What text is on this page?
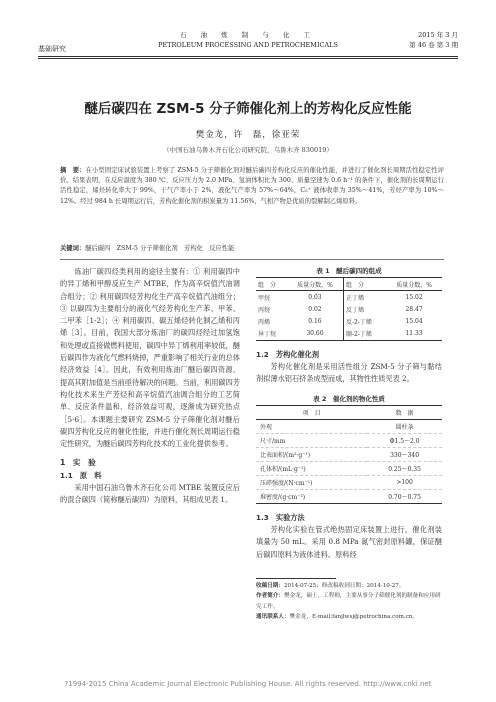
基础研究
石 油 炼 制 与 化 工
PETROLEUM PROCESSING AND PETROCHEMICALS
2015 年 3 月
第 46 卷 第 3 期
醚后碳四在 ZSM-5 分子筛催化剂上的芳构化反应性能
樊金龙，许　磊，徐亚荣
（中国石油乌鲁木齐石化公司研究院，乌鲁木齐 830019）
摘　要：在小型固定床试验装置上考察了 ZSM-5 分子筛催化剂对醚后碳四芳构化反应的催化性能，并进行了催化剂长周期活性稳定性评价。结果表明，在反应温度为 380 ℃、反应压力为 2.0 MPa、氢油体积比为 300、质量空速为 0.6 h⁻¹ 的条件下，催化剂的长周期运行活性稳定，烯烃转化率大于 99%，干气产率小于 2%，液化气产率为 57%～64%，C₅⁺ 液体收率为 35%～41%，芳烃产率为 10%～12%。经过 984 h 长周期运行后，芳构化催化剂的积炭量为 11.56%，气相产物是优质的裂解制乙烯原料。
关键词：醚后碳四　ZSM-5 分子筛催化剂　芳构化　反应性能

炼油厂碳四烃类利用的途径主要有：① 利用碳四中的异丁烯和甲醇反应生产 MTBE，作为高辛烷值汽油调合组分；② 利用碳四烃芳构化生产高辛烷值汽油组分；③ 以碳四为主要组分的液化气经芳构化生产苯、甲苯、二甲苯［1-2］；④ 利用碳四、碳五烯烃转化制乙烯和丙烯［3］。目前，我国大部分炼油厂的碳四烃经过加氢饱和处理或直接做燃料使用，碳四中异丁烯利用率较低，醚后碳四作为液化气燃料烧掉，严重影响了相关行业的总体经济效益［4］。因此，有效利用炼油厂醚后碳四资源、提高其附加值是当前亟待解决的问题。当前，利用碳四芳构化技术来生产芳烃和高辛烷值汽油调合组分的工艺简单、反应条件温和、经济效益可观，逐渐成为研究热点［5-6］。本课题主要研究 ZSM-5 分子筛催化剂对醚后碳四芳构化反应的催化性能，并进行催化剂长周期运行稳定性研究，为醚后碳四芳构化技术的工业化提供参考。

1　实　验

1.1　原　料

采用中国石油乌鲁木齐石化公司 MTBE 装置反应后的混合碳四（简称醚后碳四）为原料，其组成见表 1。

表 1　醚后碳四的组成
组　分	质量分数，%	组　分	质量分数，%
甲烷	0.03	正丁烯	15.02
丙烷	0.02	反丁烯	28.47
丙烯	0.16	反-2-丁烯	15.04
异丁烷	30.60	顺-2-丁烯	11.33

1.2　芳构化催化剂

芳构化催化剂是采用活性组分 ZSM-5 分子筛与黏结剂拟薄水铝石挤条成型而成，其物性性质见表 2。

表 2　催化剂的物化性质
项　目	数　据
外观	圆柱条
尺寸/mm	Φ1.5～2.0
比表面积/(m²·g⁻¹)	330～340
孔体积/(mL·g⁻¹)	0.25～0.35
压碎强度/(N·cm⁻¹)	>100
堆密度/(g·cm⁻³)	0.70～0.75

1.3　实验方法

芳构化实验在管式绝热固定床装置上进行，催化剂装填量为 50 mL。采用 0.8 MPa 氮气密封原料罐，保证醚后碳四原料为液体进料。原料经

收稿日期：2014-07-25；修改稿收到日期：2014-10-27。
作者简介：樊金龙，硕士，工程师，主要从事分子筛催化剂的制备和应用研究工作。
通讯联系人：樊金龙，E-mail:fanjlwsj@petrochina.com.cn。
?1994-2015 China Academic Journal Electronic Publishing House. All rights reserved. http://www.cnki.net
